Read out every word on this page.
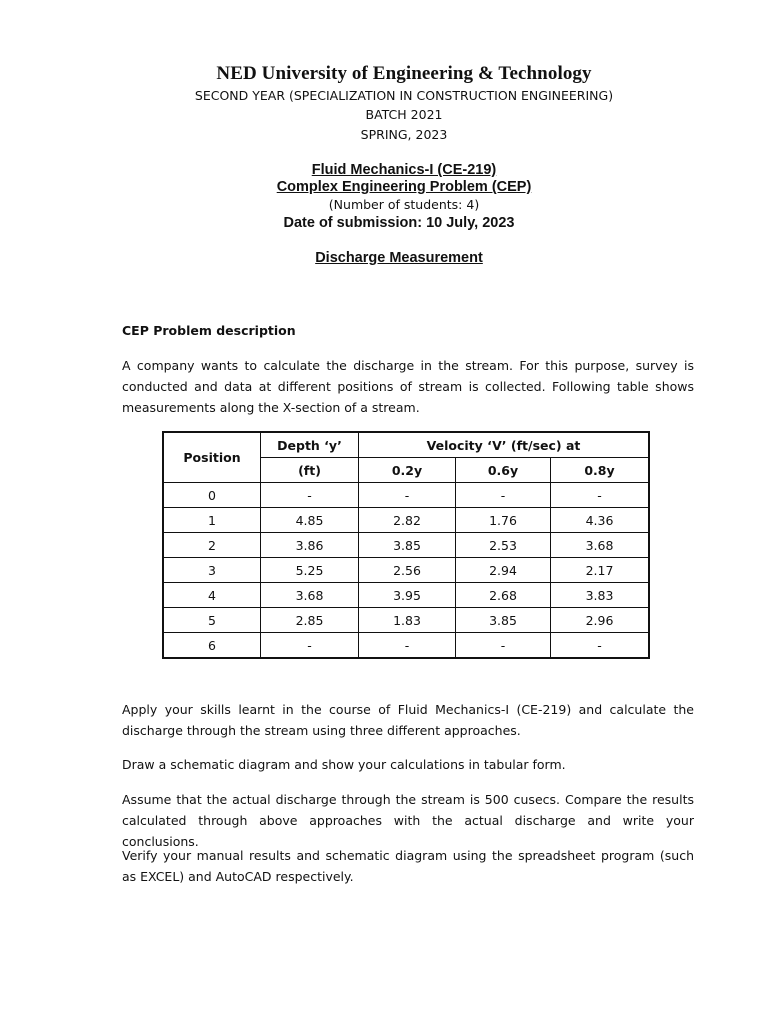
NED University of Engineering & Technology
SECOND YEAR (SPECIALIZATION IN CONSTRUCTION ENGINEERING)
BATCH 2021
SPRING, 2023
Fluid Mechanics-I (CE-219)
Complex Engineering Problem (CEP)
(Number of students: 4)
Date of submission: 10 July, 2023
Discharge Measurement
CEP Problem description
A company wants to calculate the discharge in the stream. For this purpose, survey is conducted and data at different positions of stream is collected. Following table shows measurements along the X-section of a stream.
Position	Depth ‘y’	Velocity ‘V’ (ft/sec) at		
	(ft)	0.2y	0.6y	0.8y
0	-	-	-	-
1	4.85	2.82	1.76	4.36
2	3.86	3.85	2.53	3.68
3	5.25	2.56	2.94	2.17
4	3.68	3.95	2.68	3.83
5	2.85	1.83	3.85	2.96
6	-	-	-	-
Apply your skills learnt in the course of Fluid Mechanics-I (CE-219) and calculate the discharge through the stream using three different approaches.
Draw a schematic diagram and show your calculations in tabular form.
Assume that the actual discharge through the stream is 500 cusecs. Compare the results calculated through above approaches with the actual discharge and write your conclusions.
Verify your manual results and schematic diagram using the spreadsheet program (such as EXCEL) and AutoCAD respectively.
